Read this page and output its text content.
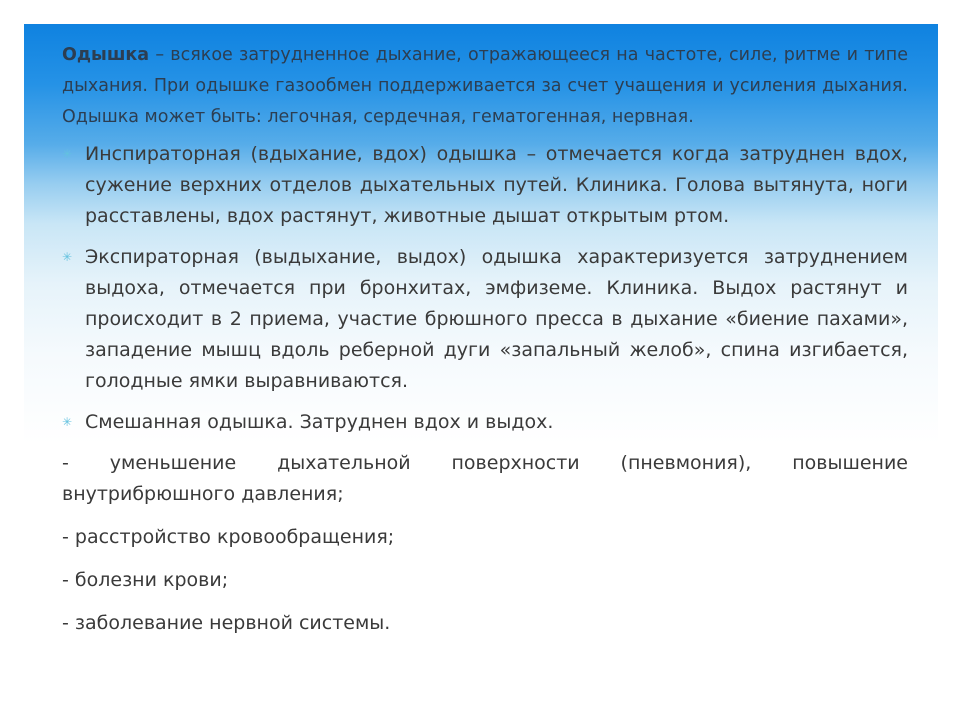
Одышка – всякое затрудненное дыхание, отражающееся на частоте, силе, ритме и типе дыхания. При одышке газообмен поддерживается за счет учащения и усиления дыхания. Одышка может быть: легочная, сердечная, гематогенная, нервная.

✳ Инспираторная (вдыхание, вдох) одышка – отмечается когда затруднен вдох, сужение верхних отделов дыхательных путей. Клиника. Голова вытянута, ноги расставлены, вдох растянут, животные дышат открытым ртом.
✳ Экспираторная (выдыхание, выдох) одышка характеризуется затруднением выдоха, отмечается при бронхитах, эмфиземе. Клиника. Выдох растянут и происходит в 2 приема, участие брюшного пресса в дыхание «биение пахами», западение мышц вдоль реберной дуги «запальный желоб», спина изгибается, голодные ямки выравниваются.
✳ Смешанная одышка. Затруднен вдох и выдох.

- уменьшение дыхательной поверхности (пневмония), повышение внутрибрюшного давления;

- расстройство кровообращения;

- болезни крови;

- заболевание нервной системы.
